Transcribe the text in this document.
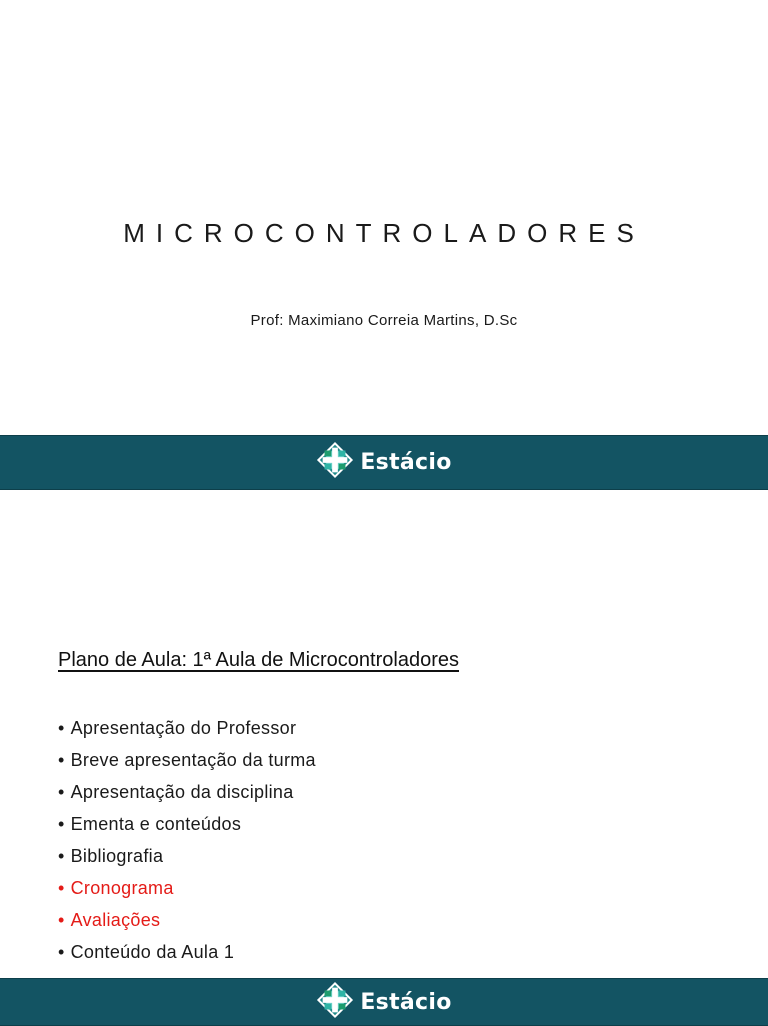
MICROCONTROLADORES
Prof: Maximiano Correia Martins, D.Sc
Estácio
Plano de Aula: 1ª Aula de Microcontroladores
• Apresentação do Professor
• Breve apresentação da turma
• Apresentação da disciplina
• Ementa e conteúdos
• Bibliografia
• Cronograma
• Avaliações
• Conteúdo da Aula 1
Estácio
